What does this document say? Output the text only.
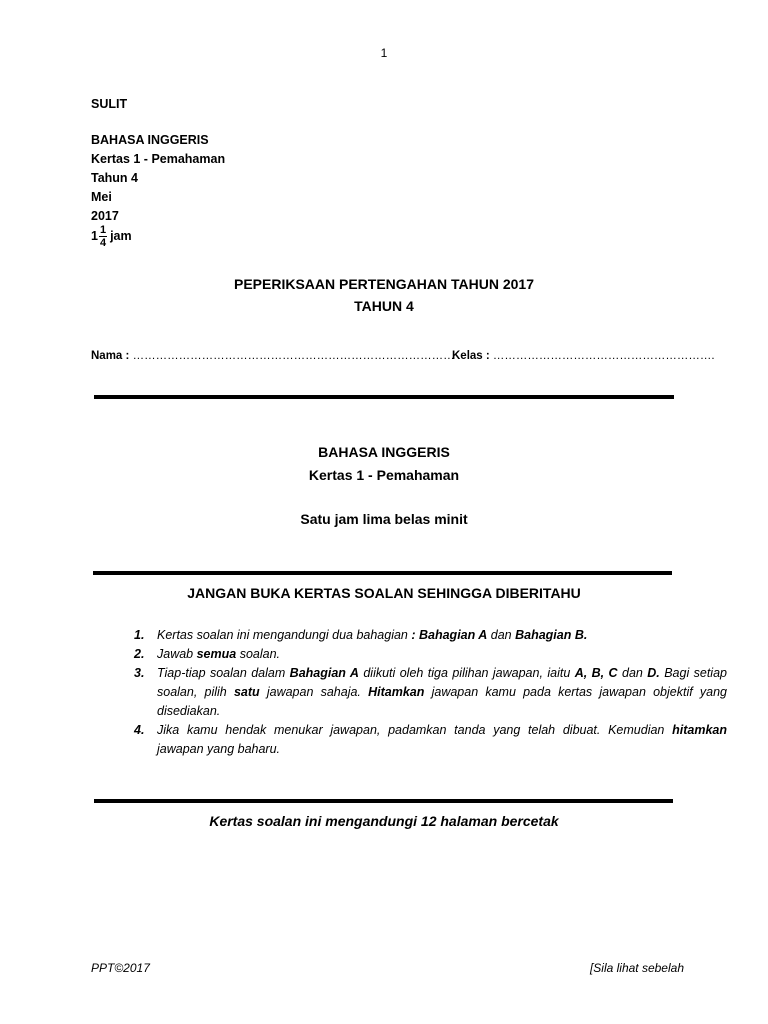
1
SULIT
BAHASA INGGERIS
Kertas 1 - Pemahaman
Tahun 4
Mei
2017
$1 \frac{1}{4}$ jam
PEPERIKSAAN PERTENGAHAN TAHUN 2017
TAHUN 4
Nama : …………………………………………………………………………
Kelas : ………………………………………………….
BAHASA INGGERIS
Kertas 1 - Pemahaman
Satu jam lima belas minit
JANGAN BUKA KERTAS SOALAN SEHINGGA DIBERITAHU
1. Kertas soalan ini mengandungi dua bahagian : Bahagian A dan Bahagian B.
2. Jawab semua soalan.
3. Tiap-tiap soalan dalam Bahagian A diikuti oleh tiga pilihan jawapan, iaitu A, B, C dan D. Bagi setiap soalan, pilih satu jawapan sahaja. Hitamkan jawapan kamu pada kertas jawapan objektif yang disediakan.
4. Jika kamu hendak menukar jawapan, padamkan tanda yang telah dibuat. Kemudian hitamkan jawapan yang baharu.
Kertas soalan ini mengandungi 12 halaman bercetak
PPT©2017	[Sila lihat sebelah
